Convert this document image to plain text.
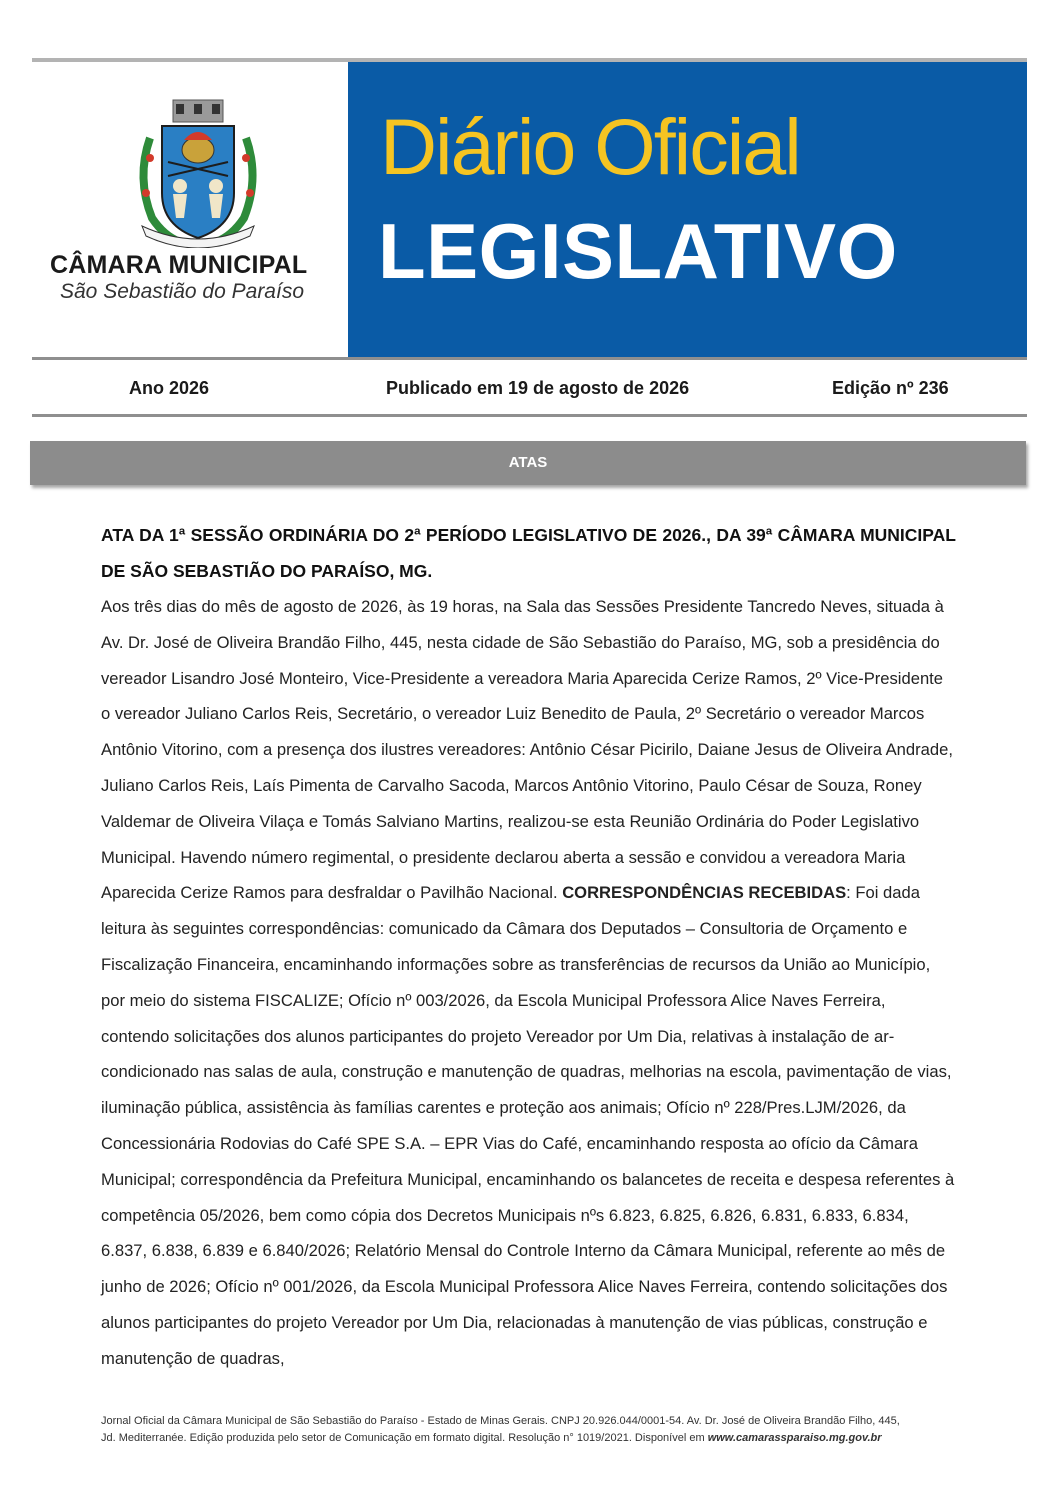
CÂMARA MUNICIPAL
São Sebastião do Paraíso
Diário Oficial
LEGISLATIVO
Ano 2026	Publicado em 19 de agosto de 2026	Edição nº 236
ATAS

ATA DA 1ª SESSÃO ORDINÁRIA DO 2ª PERÍODO LEGISLATIVO DE 2026., DA 39ª CÂMARA MUNICIPAL DE SÃO SEBASTIÃO DO PARAÍSO, MG.

Aos três dias do mês de agosto de 2026, às 19 horas, na Sala das Sessões Presidente Tancredo Neves, situada à Av. Dr. José de Oliveira Brandão Filho, 445, nesta cidade de São Sebastião do Paraíso, MG, sob a presidência do vereador Lisandro José Monteiro, Vice-Presidente a vereadora Maria Aparecida Cerize Ramos, 2º Vice-Presidente o vereador Juliano Carlos Reis, Secretário, o vereador Luiz Benedito de Paula, 2º Secretário o vereador Marcos Antônio Vitorino, com a presença dos ilustres vereadores: Antônio César Picirilo, Daiane Jesus de Oliveira Andrade, Juliano Carlos Reis, Laís Pimenta de Carvalho Sacoda, Marcos Antônio Vitorino, Paulo César de Souza, Roney Valdemar de Oliveira Vilaça e Tomás Salviano Martins, realizou-se esta Reunião Ordinária do Poder Legislativo Municipal. Havendo número regimental, o presidente declarou aberta a sessão e convidou a vereadora Maria Aparecida Cerize Ramos para desfraldar o Pavilhão Nacional. CORRESPONDÊNCIAS RECEBIDAS: Foi dada leitura às seguintes correspondências: comunicado da Câmara dos Deputados – Consultoria de Orçamento e Fiscalização Financeira, encaminhando informações sobre as transferências de recursos da União ao Município, por meio do sistema FISCALIZE; Ofício nº 003/2026, da Escola Municipal Professora Alice Naves Ferreira, contendo solicitações dos alunos participantes do projeto Vereador por Um Dia, relativas à instalação de ar-condicionado nas salas de aula, construção e manutenção de quadras, melhorias na escola, pavimentação de vias, iluminação pública, assistência às famílias carentes e proteção aos animais; Ofício nº 228/Pres.LJM/2026, da Concessionária Rodovias do Café SPE S.A. – EPR Vias do Café, encaminhando resposta ao ofício da Câmara Municipal; correspondência da Prefeitura Municipal, encaminhando os balancetes de receita e despesa referentes à competência 05/2026, bem como cópia dos Decretos Municipais nºs 6.823, 6.825, 6.826, 6.831, 6.833, 6.834, 6.837, 6.838, 6.839 e 6.840/2026; Relatório Mensal do Controle Interno da Câmara Municipal, referente ao mês de junho de 2026; Ofício nº 001/2026, da Escola Municipal Professora Alice Naves Ferreira, contendo solicitações dos alunos participantes do projeto Vereador por Um Dia, relacionadas à manutenção de vias públicas, construção e manutenção de quadras,

Jornal Oficial da Câmara Municipal de São Sebastião do Paraíso - Estado de Minas Gerais. CNPJ 20.926.044/0001-54. Av. Dr. José de Oliveira Brandão Filho, 445,
Jd. Mediterranée. Edição produzida pelo setor de Comunicação em formato digital. Resolução n° 1019/2021. Disponível em www.camarassparaiso.mg.gov.br
